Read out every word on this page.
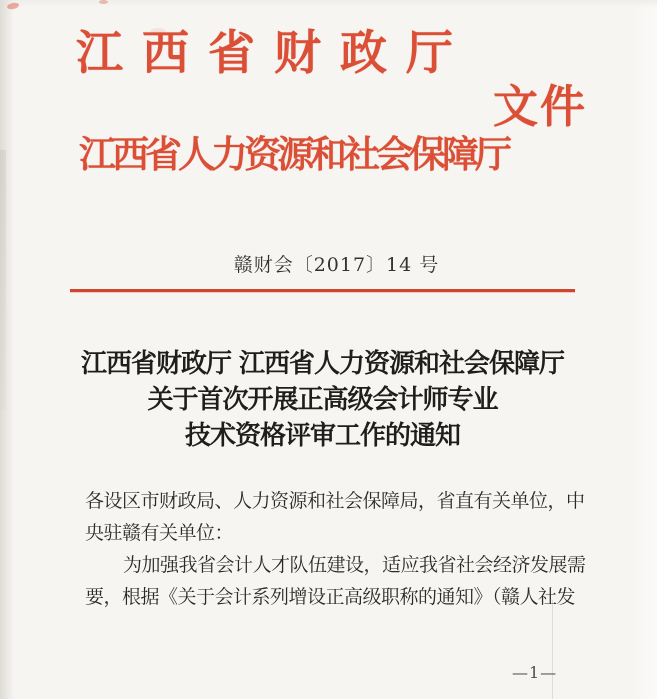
江西省财政厅
文件
江西省人力资源和社会保障厅
赣财会〔2017〕14 号
江西省财政厅 江西省人力资源和社会保障厅
关于首次开展正高级会计师专业
技术资格评审工作的通知
各设区市财政局、人力资源和社会保障局，省直有关单位，中
央驻赣有关单位：
为加强我省会计人才队伍建设，适应我省社会经济发展需
要，根据《关于会计系列增设正高级职称的通知》（赣人社发
—1—
